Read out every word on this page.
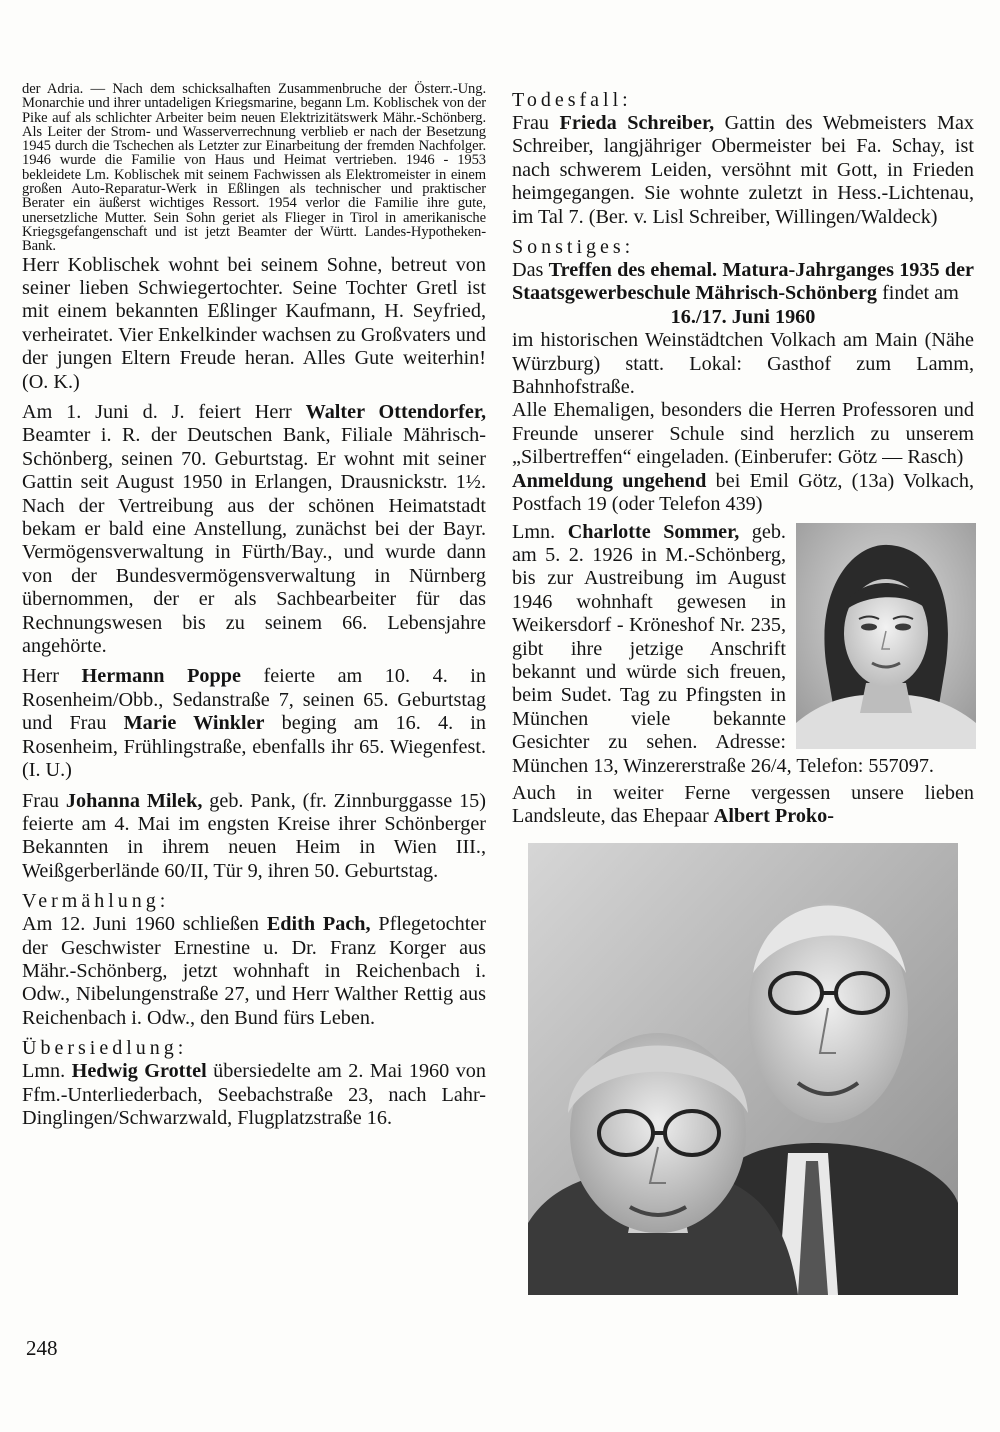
der Adria. — Nach dem schicksalhaften Zusammenbruche der Österr.-Ung. Monarchie und ihrer untadeligen Kriegsmarine, begann Lm. Koblischek von der Pike auf als schlichter Arbeiter beim neuen Elektrizitätswerk Mähr.-Schönberg. Als Leiter der Strom- und Wasserverrechnung verblieb er nach der Besetzung 1945 durch die Tschechen als Letzter zur Einarbeitung der fremden Nachfolger. 1946 wurde die Familie von Haus und Heimat vertrieben. 1946 - 1953 bekleidete Lm. Koblischek mit seinem Fachwissen als Elektromeister in einem großen Auto-Reparatur-Werk in Eßlingen als technischer und praktischer Berater ein äußerst wichtiges Ressort. 1954 verlor die Familie ihre gute, unersetzliche Mutter. Sein Sohn geriet als Flieger in Tirol in amerikanische Kriegsgefangenschaft und ist jetzt Beamter der Württ. Landes-Hypotheken-Bank.

Herr Koblischek wohnt bei seinem Sohne, betreut von seiner lieben Schwiegertochter. Seine Tochter Gretl ist mit einem bekannten Eßlinger Kaufmann, H. Seyfried, verheiratet. Vier Enkelkinder wachsen zu Großvaters und der jungen Eltern Freude heran. Alles Gute weiterhin! (O. K.)

Am 1. Juni d. J. feiert Herr Walter Ottendorfer, Beamter i. R. der Deutschen Bank, Filiale Mährisch-Schönberg, seinen 70. Geburtstag. Er wohnt mit seiner Gattin seit August 1950 in Erlangen, Drausnickstr. 1½. Nach der Vertreibung aus der schönen Heimatstadt bekam er bald eine Anstellung, zunächst bei der Bayr. Vermögensverwaltung in Fürth/Bay., und wurde dann von der Bundesvermögensverwaltung in Nürnberg übernommen, der er als Sachbearbeiter für das Rechnungswesen bis zu seinem 66. Lebensjahre angehörte.

Herr Hermann Poppe feierte am 10. 4. in Rosenheim/Obb., Sedanstraße 7, seinen 65. Geburtstag und Frau Marie Winkler beging am 16. 4. in Rosenheim, Frühlingstraße, ebenfalls ihr 65. Wiegenfest. (I. U.)

Frau Johanna Milek, geb. Pank, (fr. Zinnburggasse 15) feierte am 4. Mai im engsten Kreise ihrer Schönberger Bekannten in ihrem neuen Heim in Wien III., Weißgerberlände 60/II, Tür 9, ihren 50. Geburtstag.

Vermählung:

Am 12. Juni 1960 schließen Edith Pach, Pflegetochter der Geschwister Ernestine u. Dr. Franz Korger aus Mähr.-Schönberg, jetzt wohnhaft in Reichenbach i. Odw., Nibelungenstraße 27, und Herr Walther Rettig aus Reichenbach i. Odw., den Bund fürs Leben.

Übersiedlung:

Lmn. Hedwig Grottel übersiedelte am 2. Mai 1960 von Ffm.-Unterliederbach, Seebachstraße 23, nach Lahr-Dinglingen/Schwarzwald, Flugplatzstraße 16.

Todesfall:

Frau Frieda Schreiber, Gattin des Webmeisters Max Schreiber, langjähriger Obermeister bei Fa. Schay, ist nach schwerem Leiden, versöhnt mit Gott, in Frieden heimgegangen. Sie wohnte zuletzt in Hess.-Lichtenau, im Tal 7. (Ber. v. Lisl Schreiber, Willingen/Waldeck)

Sonstiges:

Das Treffen des ehemal. Matura-Jahrganges 1935 der Staatsgewerbeschule Mährisch-Schönberg findet am

16./17. Juni 1960

im historischen Weinstädtchen Volkach am Main (Nähe Würzburg) statt. Lokal: Gasthof zum Lamm, Bahnhofstraße.

Alle Ehemaligen, besonders die Herren Professoren und Freunde unserer Schule sind herzlich zu unserem „Silbertreffen“ eingeladen. (Einberufer: Götz — Rasch)

Anmeldung ungehend bei Emil Götz, (13a) Volkach, Postfach 19 (oder Telefon 439)

Lmn. Charlotte Sommer, geb. am 5. 2. 1926 in M.-Schönberg, bis zur Austreibung im August 1946 wohnhaft gewesen in Weikersdorf - Kröneshof Nr. 235, gibt ihre jetzige Anschrift bekannt und würde sich freuen, beim Sudet. Tag zu Pfingsten in München viele bekannte Gesichter zu sehen. Adresse: München 13, Winzererstraße 26/4, Telefon: 557097.

Auch in weiter Ferne vergessen unsere lieben Landsleute, das Ehepaar Albert Proko-

248
